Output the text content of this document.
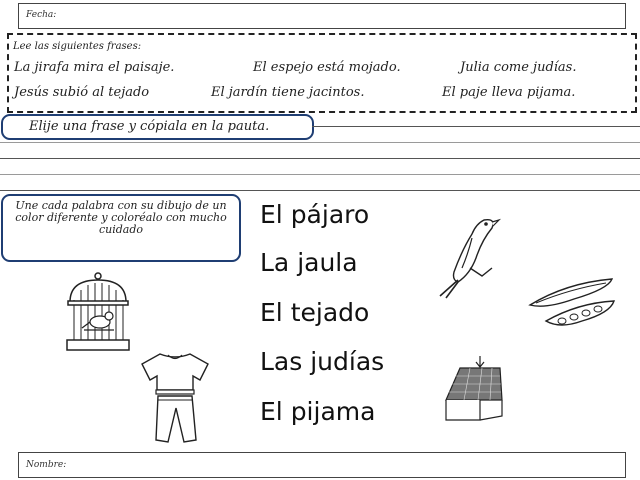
Fecha:
Lee las siguientes frases:
La jirafa mira el paisaje.	El espejo está mojado.	Julia come judías.
Jesús subió al tejado	El jardín tiene jacintos.	El paje lleva pijama.
Elije una frase y cópiala en la pauta.
Une cada palabra con su dibujo de un color diferente y coloréalo con mucho cuidado
El pájaro
La jaula
El tejado
Las judías
El pijama
Nombre:
